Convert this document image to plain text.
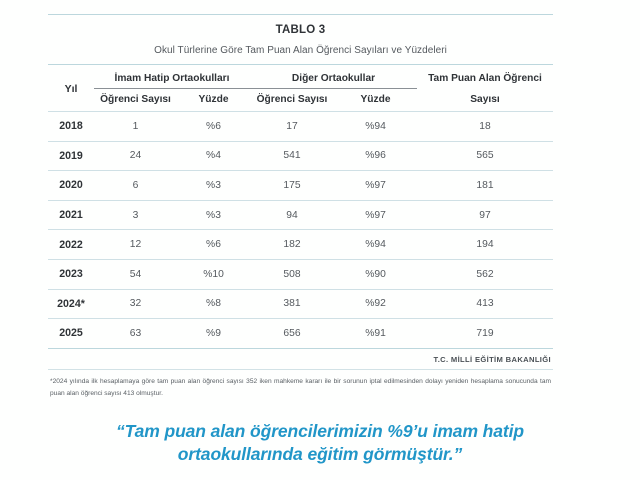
TABLO 3
Okul Türlerine Göre Tam Puan Alan Öğrenci Sayıları ve Yüzdeleri
Yıl
İmam Hatip Ortaokulları	Diğer Ortaokullar	Tam Puan Alan Öğrenci
Öğrenci Sayısı	Yüzde	Öğrenci Sayısı	Yüzde	Sayısı
2018	1	%6	17	%94	18
2019	24	%4	541	%96	565
2020	6	%3	175	%97	181
2021	3	%3	94	%97	97
2022	12	%6	182	%94	194
2023	54	%10	508	%90	562
2024*	32	%8	381	%92	413
2025	63	%9	656	%91	719
T.C. MİLLİ EĞİTİM BAKANLIĞI
*2024 yılında ilk hesaplamaya göre tam puan alan öğrenci sayısı 352 iken mahkeme kararı ile bir sorunun iptal edilmesinden dolayı yeniden hesaplama sonucunda tam puan alan öğrenci sayısı 413 olmuştur.
“Tam puan alan öğrencilerimizin %9’u imam hatip ortaokullarında eğitim görmüştür.”
